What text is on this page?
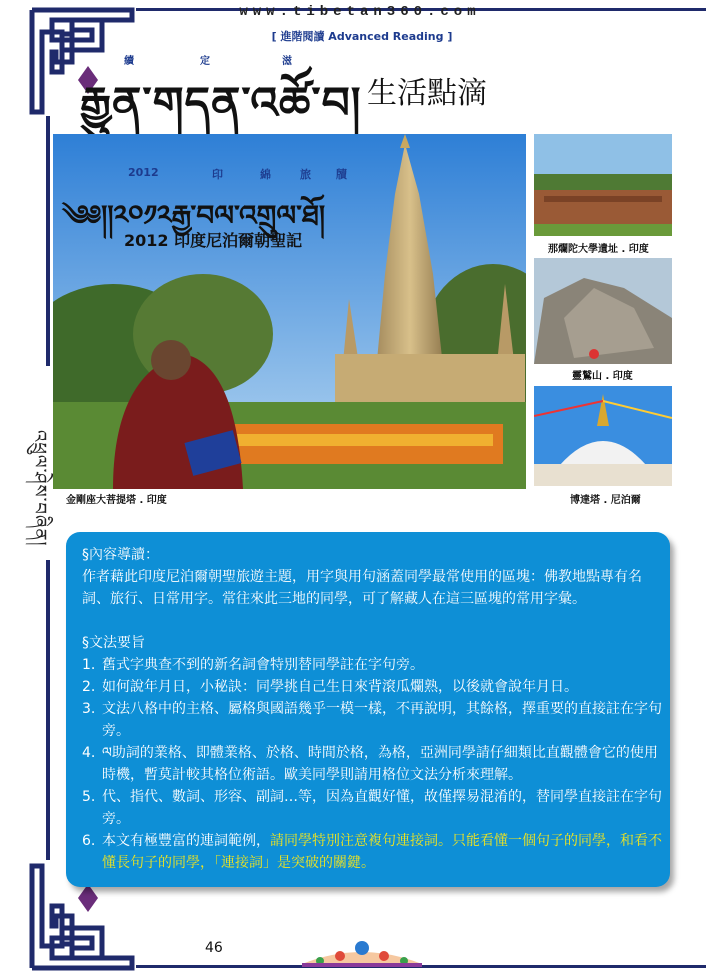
www.tibetan360.com
[ 進階閱讀 Advanced Reading ]
續	定	滋
རྒྱུན་གདན་འཚོ་བ། 生活點滴
2012	印	綿	旅 牘
༄༅།།༢༠༡༢རྒྱ་བལ་འགྲུལ་ཐོ།
2012 印度尼泊爾朝聖記
金剛座大菩提塔 . 印度
那爛陀大學遺址 . 印度
靈鷲山 . 印度
博達塔 . 尼泊爾
འཕྲུལ་ཤེས་བཞིན།

§內容導讀：

作者藉此印度尼泊爾朝聖旅遊主題，用字與用句涵蓋同學最常使用的區塊：佛教地點專有名詞、旅行、日常用字。常往來此三地的同學，可了解藏人在這三區塊的常用字彙。

§文法要旨

1. 舊式字典查不到的新名詞會特別替同學註在字句旁。
2. 如何說年月日，小秘訣：同學挑自己生日來背滾瓜爛熟，以後就會說年月日。
3. 文法八格中的主格、屬格與國語幾乎一模一樣，不再說明，其餘格，擇重要的直接註在字句旁。
4. ལ助詞的業格、即體業格、於格、時間於格，為格，亞洲同學請仔細類比直觀體會它的使用時機，暫莫計較其格位術語。歐美同學則請用格位文法分析來理解。
5. 代、指代、數詞、形容、副詞…等，因為直觀好懂，故僅擇易混淆的，替同學直接註在字句旁。
6. 本文有極豐富的連詞範例，請同學特別注意複句連接詞。只能看懂一個句子的同學，和看不懂長句子的同學，「連接詞」是突破的關鍵。
46
